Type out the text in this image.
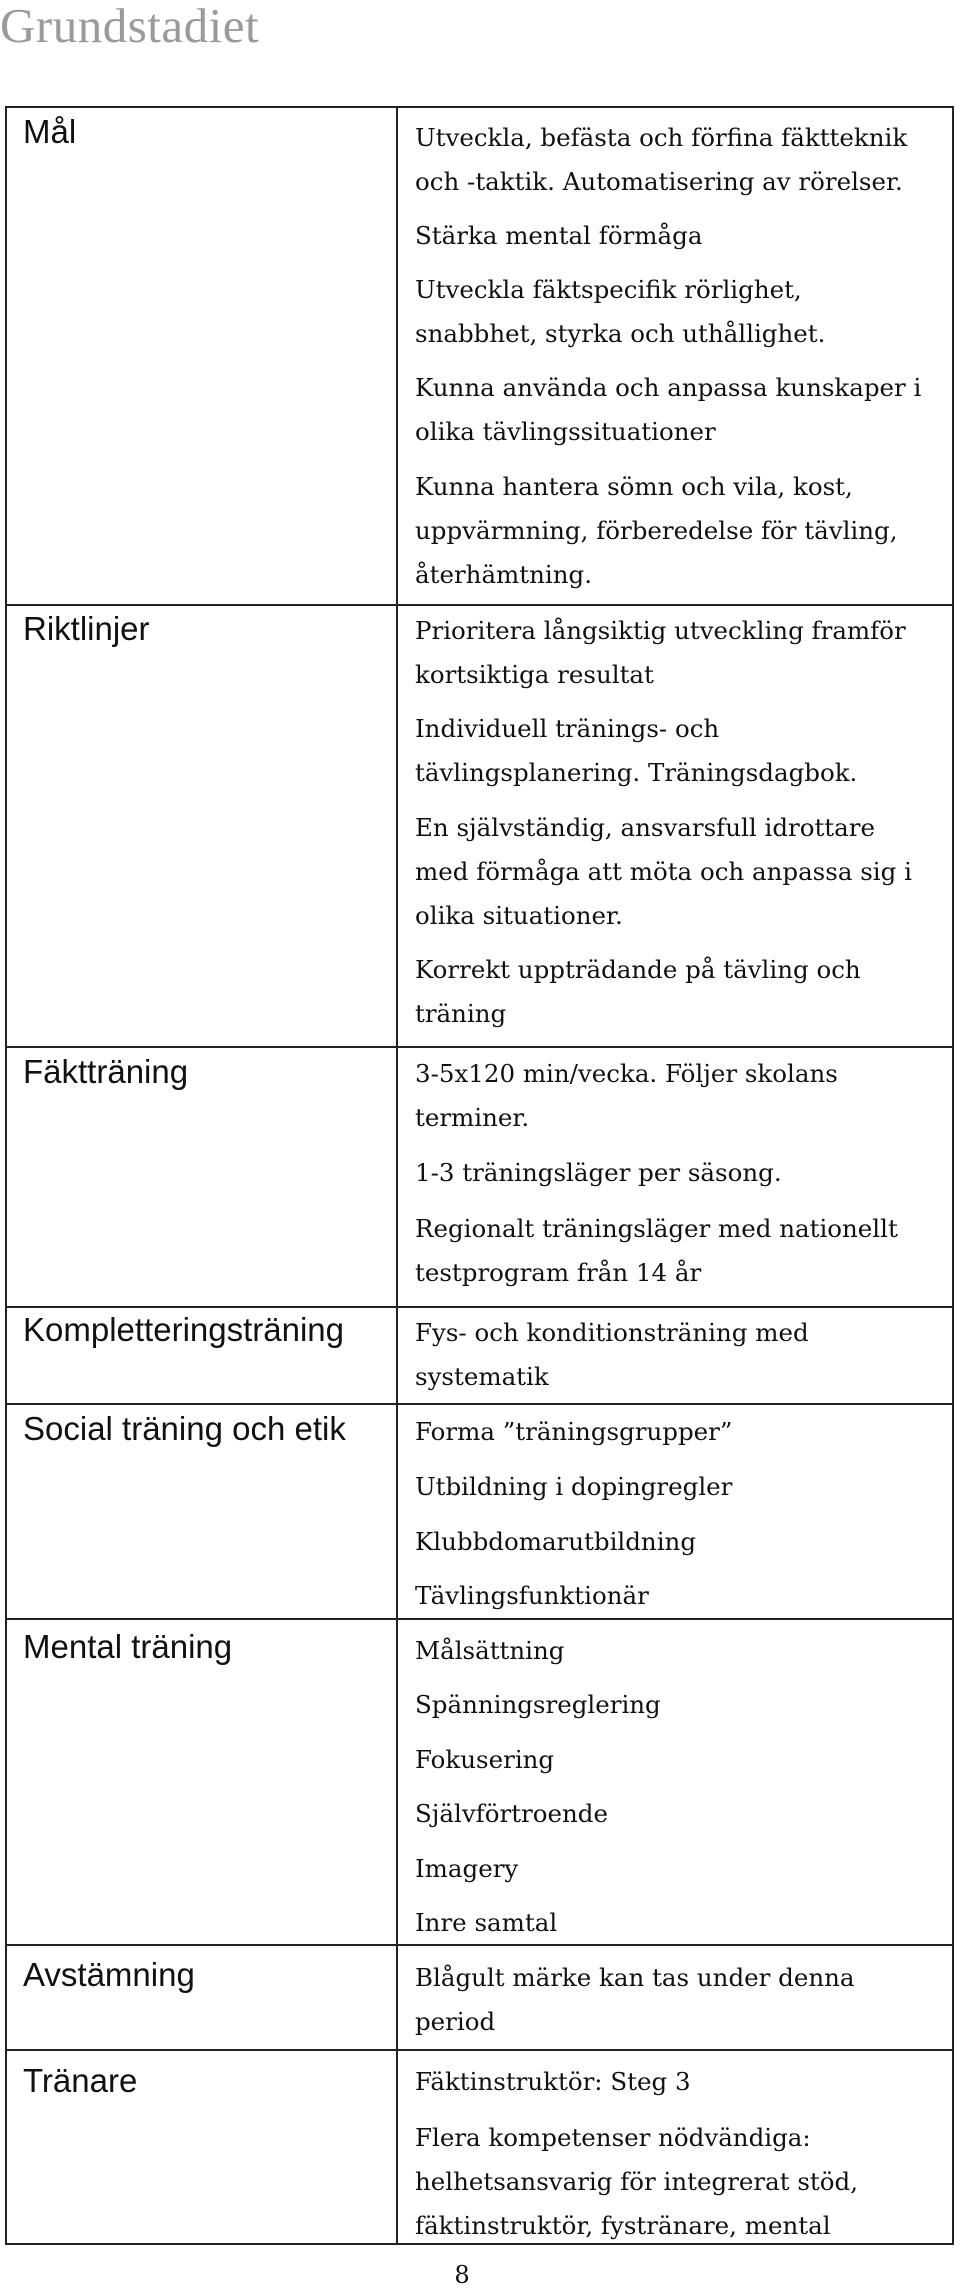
Grundstadiet
Mål	Utveckla, befästa och förfina fäktteknik
och -taktik. Automatisering av rörelser.
Stärka mental förmåga
Utveckla fäktspecifik rörlighet,
snabbhet, styrka och uthållighet.
Kunna använda och anpassa kunskaper i
olika tävlingssituationer
Kunna hantera sömn och vila, kost,
uppvärmning, förberedelse för tävling,
återhämtning.
Riktlinjer	Prioritera långsiktig utveckling framför
kortsiktiga resultat
Individuell tränings- och
tävlingsplanering. Träningsdagbok.
En självständig, ansvarsfull idrottare
med förmåga att möta och anpassa sig i
olika situationer.
Korrekt uppträdande på tävling och
träning
Fäktträning	3-5x120 min/vecka. Följer skolans
terminer.
1-3 träningsläger per säsong.
Regionalt träningsläger med nationellt
testprogram från 14 år
Kompletteringsträning	Fys- och konditionsträning med
systematik
Social träning och etik	Forma ”träningsgrupper”
Utbildning i dopingregler
Klubbdomarutbildning
Tävlingsfunktionär
Mental träning	Målsättning
Spänningsreglering
Fokusering
Självförtroende
Imagery
Inre samtal
Avstämning	Blågult märke kan tas under denna
period
Tränare	Fäktinstruktör: Steg 3
Flera kompetenser nödvändiga:
helhetsansvarig för integrerat stöd,
fäktinstruktör, fystränare, mental
8
